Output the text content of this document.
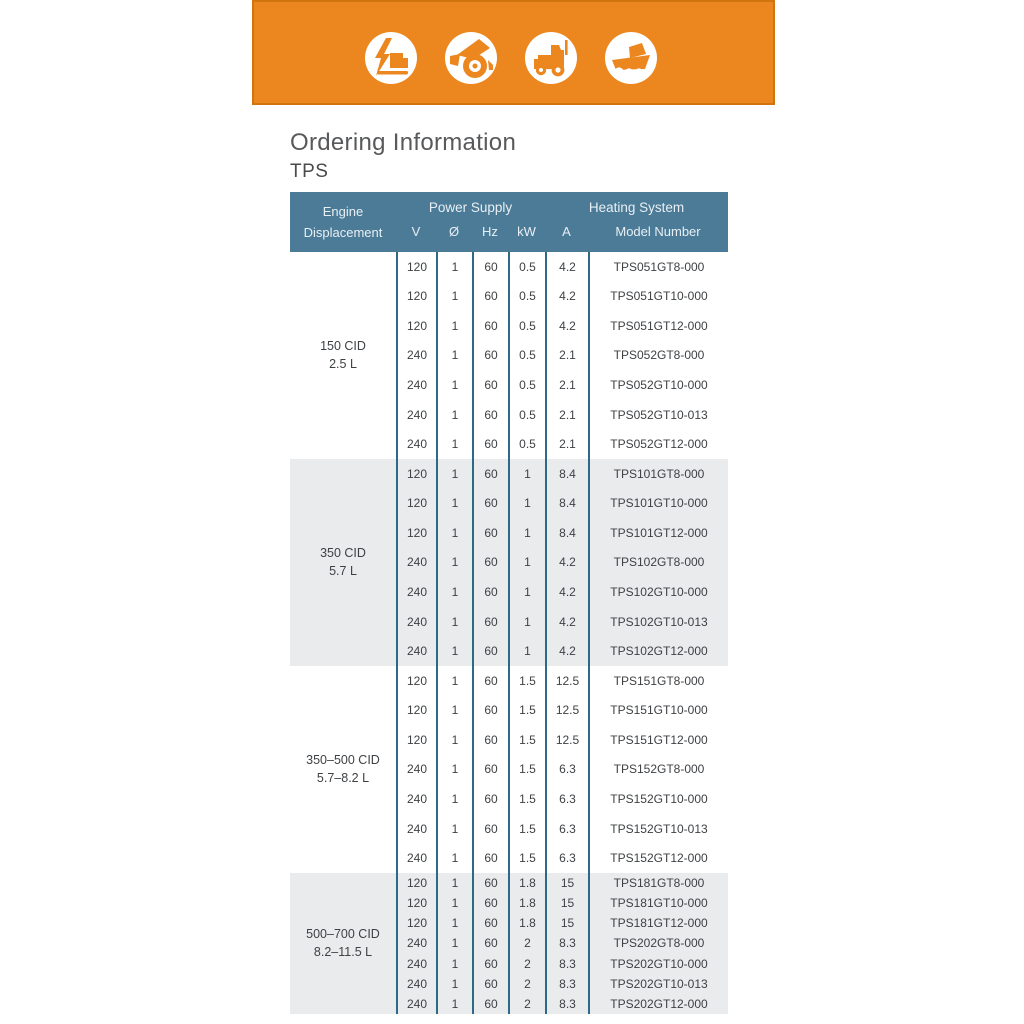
Ordering Information
TPS
Engine
Displacement
Power Supply	Heating System
V	Ø	Hz	kW	A	Model Number
150 CID
2.5 L
120	1	60	0.5	4.2	TPS051GT8-000
120	1	60	0.5	4.2	TPS051GT10-000
120	1	60	0.5	4.2	TPS051GT12-000
240	1	60	0.5	2.1	TPS052GT8-000
240	1	60	0.5	2.1	TPS052GT10-000
240	1	60	0.5	2.1	TPS052GT10-013
240	1	60	0.5	2.1	TPS052GT12-000
350 CID
5.7 L
120	1	60	1	8.4	TPS101GT8-000
120	1	60	1	8.4	TPS101GT10-000
120	1	60	1	8.4	TPS101GT12-000
240	1	60	1	4.2	TPS102GT8-000
240	1	60	1	4.2	TPS102GT10-000
240	1	60	1	4.2	TPS102GT10-013
240	1	60	1	4.2	TPS102GT12-000
350–500 CID
5.7–8.2 L
120	1	60	1.5	12.5	TPS151GT8-000
120	1	60	1.5	12.5	TPS151GT10-000
120	1	60	1.5	12.5	TPS151GT12-000
240	1	60	1.5	6.3	TPS152GT8-000
240	1	60	1.5	6.3	TPS152GT10-000
240	1	60	1.5	6.3	TPS152GT10-013
240	1	60	1.5	6.3	TPS152GT12-000
500–700 CID
8.2–11.5 L
120	1	60	1.8	15	TPS181GT8-000
120	1	60	1.8	15	TPS181GT10-000
120	1	60	1.8	15	TPS181GT12-000
240	1	60	2	8.3	TPS202GT8-000
240	1	60	2	8.3	TPS202GT10-000
240	1	60	2	8.3	TPS202GT10-013
240	1	60	2	8.3	TPS202GT12-000
